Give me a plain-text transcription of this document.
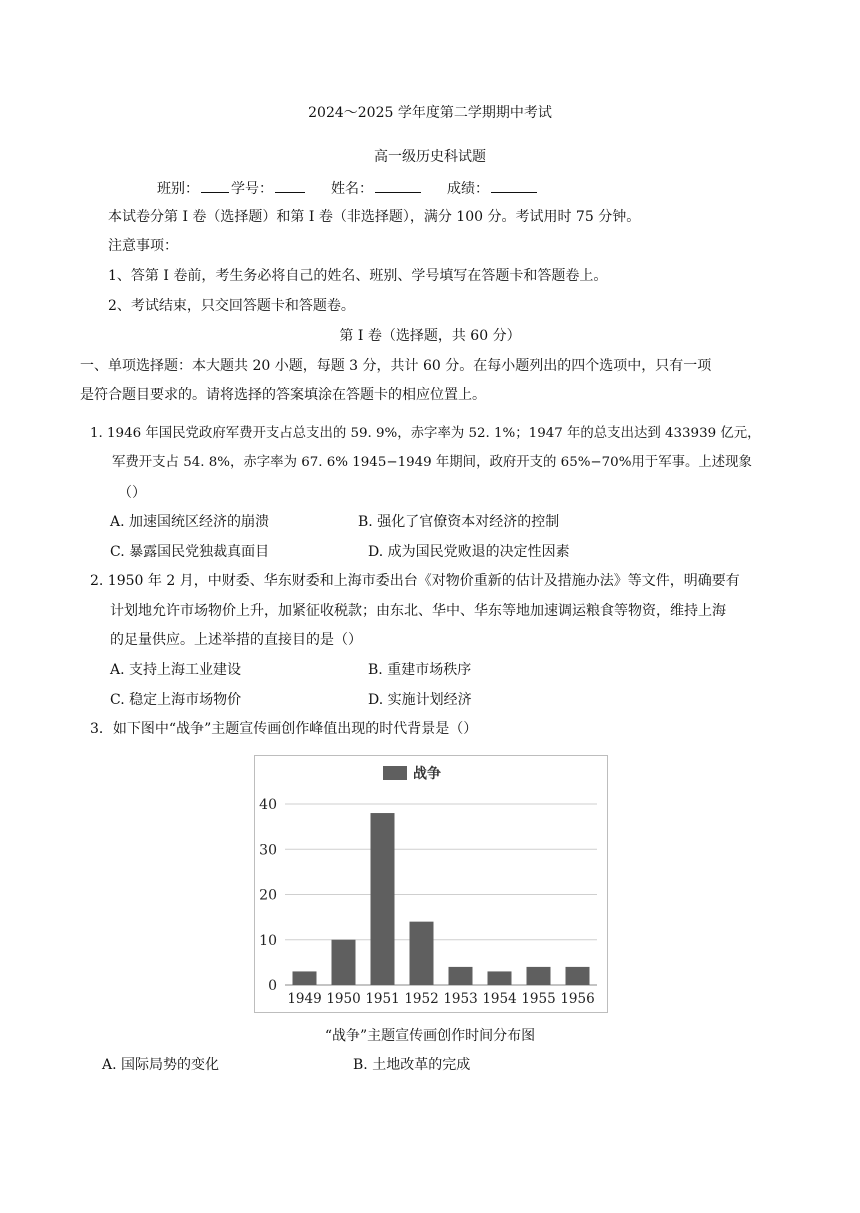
2024～2025 学年度第二学期期中考试
高一级历史科试题
班别： 学号：	姓名：	成绩：
本试卷分第 I 卷（选择题）和第 I 卷（非选择题），满分 100 分。考试用时 75 分钟。
注意事项：
1、答第 I 卷前，考生务必将自己的姓名、班别、学号填写在答题卡和答题卷上。
2、考试结束，只交回答题卡和答题卷。
第 I 卷（选择题，共 60 分）
一、单项选择题：本大题共 20 小题，每题 3 分，共计 60 分。在每小题列出的四个选项中，只有一项
是符合题目要求的。请将选择的答案填涂在答题卡的相应位置上。
1. 1946 年国民党政府军费开支占总支出的 59. 9%，赤字率为 52. 1%；1947 年的总支出达到 433939 亿元，
军费开支占 54. 8%，赤字率为 67. 6% 1945−1949 年期间，政府开支的 65%−70%用于军事。上述现象
（）
A. 加速国统区经济的崩溃	B. 强化了官僚资本对经济的控制
C. 暴露国民党独裁真面目	D. 成为国民党败退的决定性因素
2. 1950 年 2 月，中财委、华东财委和上海市委出台《对物价重新的估计及措施办法》等文件，明确要有
计划地允许市场物价上升，加紧征收税款；由东北、华中、华东等地加速调运粮食等物资，维持上海
的足量供应。上述举措的直接目的是（）
A. 支持上海工业建设	B. 重建市场秩序
C. 稳定上海市场物价	D. 实施计划经济
3．如下图中“战争”主题宣传画创作峰值出现的时代背景是（）
0
10
20
30
40
1949 1950 1951 1952 1953 1954 1955 1956
战争
“战争”主题宣传画创作时间分布图
A. 国际局势的变化	B. 土地改革的完成
